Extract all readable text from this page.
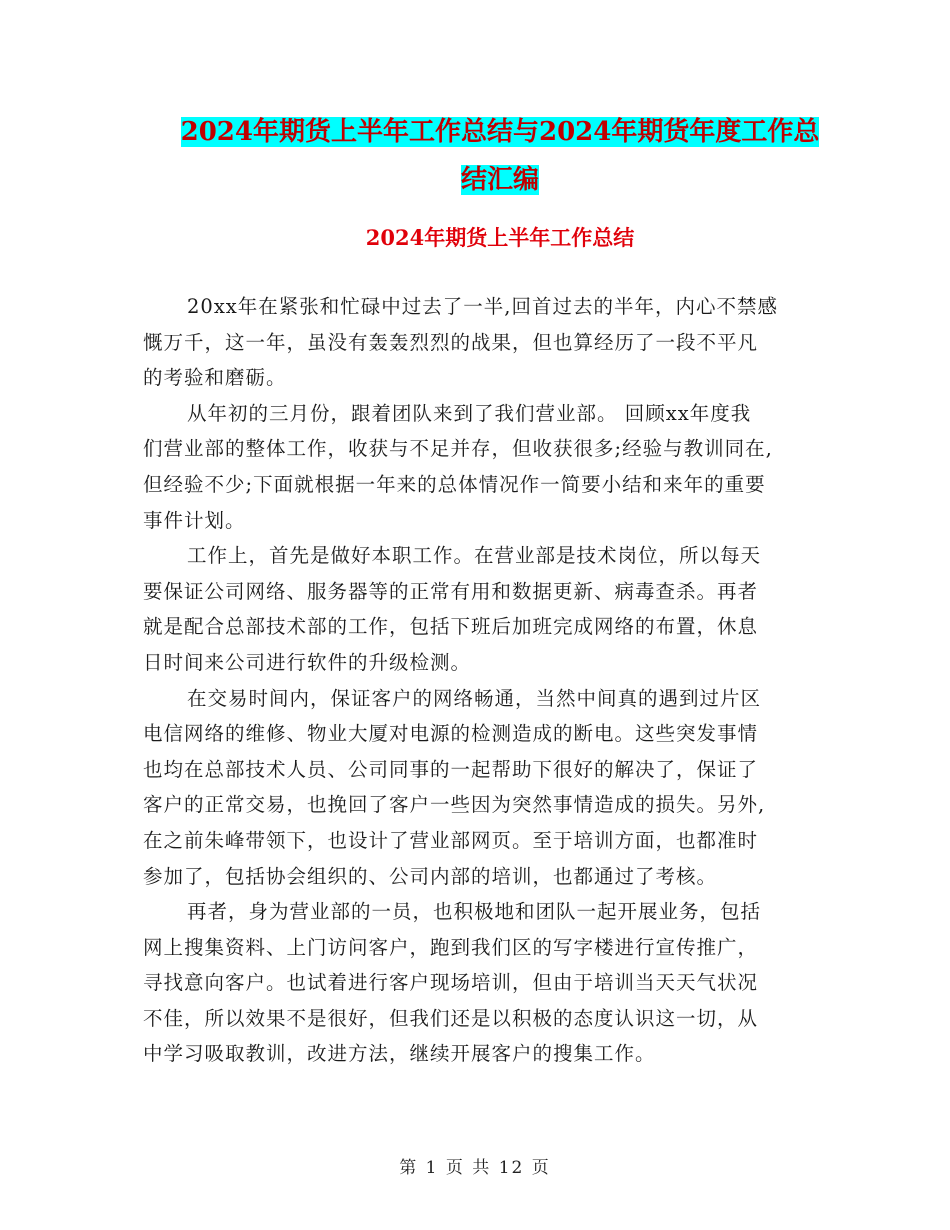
2024年期货上半年工作总结与2024年期货年度工作总
结汇编
2024年期货上半年工作总结

20xx年在紧张和忙碌中过去了一半,回首过去的半年，内心不禁感
慨万千，这一年，虽没有轰轰烈烈的战果，但也算经历了一段不平凡
的考验和磨砺。

从年初的三月份，跟着团队来到了我们营业部。 回顾xx年度我
们营业部的整体工作，收获与不足并存，但收获很多;经验与教训同在,
但经验不少;下面就根据一年来的总体情况作一简要小结和来年的重要
事件计划。

工作上，首先是做好本职工作。在营业部是技术岗位，所以每天
要保证公司网络、服务器等的正常有用和数据更新、病毒查杀。再者
就是配合总部技术部的工作，包括下班后加班完成网络的布置，休息
日时间来公司进行软件的升级检测。

在交易时间内，保证客户的网络畅通，当然中间真的遇到过片区
电信网络的维修、物业大厦对电源的检测造成的断电。这些突发事情
也均在总部技术人员、公司同事的一起帮助下很好的解决了，保证了
客户的正常交易，也挽回了客户一些因为突然事情造成的损失。另外,
在之前朱峰带领下，也设计了营业部网页。至于培训方面，也都准时
参加了，包括协会组织的、公司内部的培训，也都通过了考核。

再者，身为营业部的一员，也积极地和团队一起开展业务，包括
网上搜集资料、上门访问客户，跑到我们区的写字楼进行宣传推广，
寻找意向客户。也试着进行客户现场培训，但由于培训当天天气状况
不佳，所以效果不是很好，但我们还是以积极的态度认识这一切，从
中学习吸取教训，改进方法，继续开展客户的搜集工作。

第 1 页 共 12 页
